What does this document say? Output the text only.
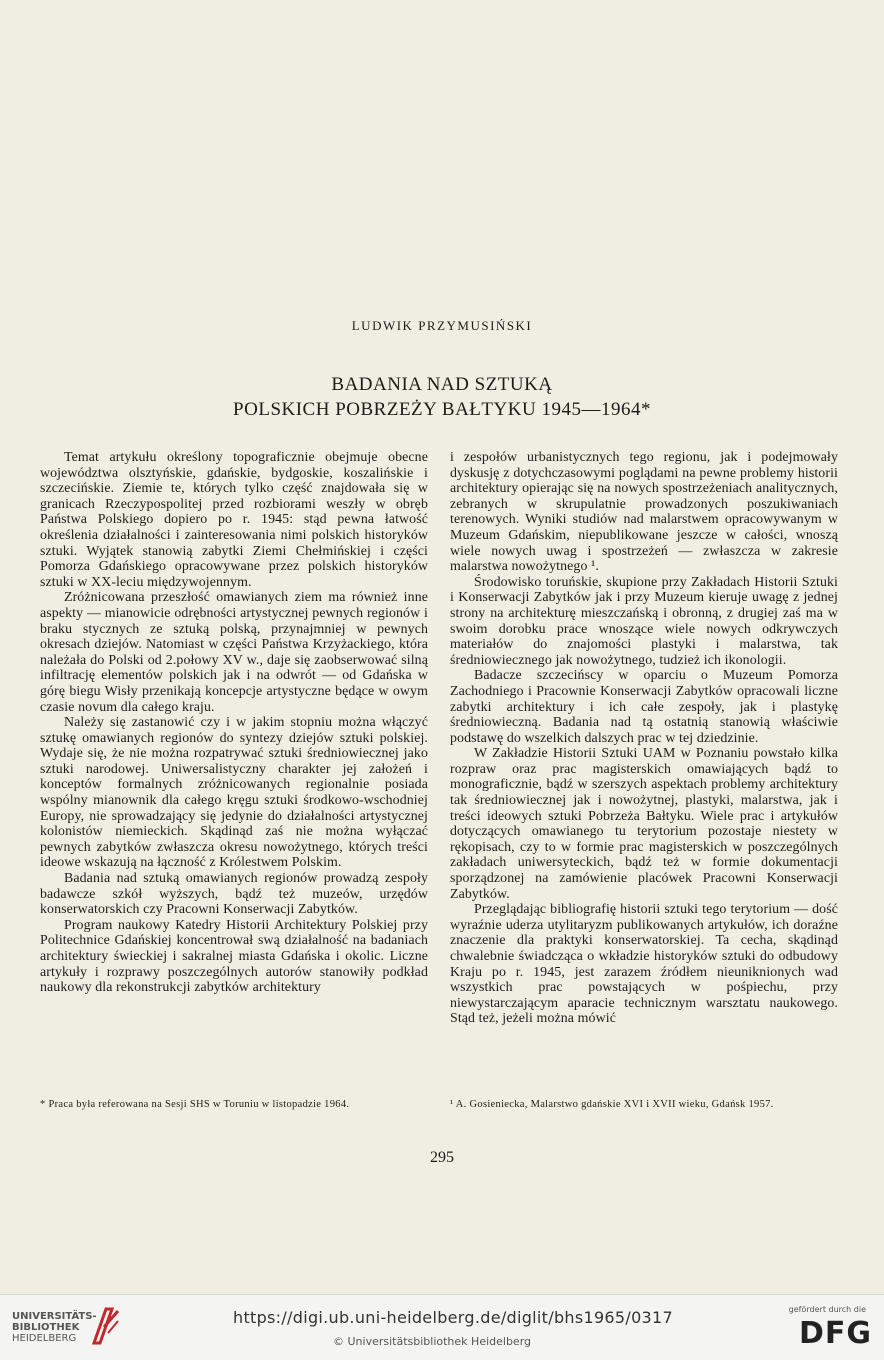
LUDWIK PRZYMUSIŃSKI
BADANIA NAD SZTUKĄ
POLSKICH POBRZEŻY BAŁTYKU 1945—1964*

Temat artykułu określony topograficznie obejmuje obecne województwa olsztyńskie, gdańskie, bydgoskie, koszalińskie i szczecińskie. Ziemie te, których tylko część znajdowała się w granicach Rzeczypospolitej przed rozbiorami weszły w obręb Państwa Polskiego dopiero po r. 1945: stąd pewna łatwość określenia działalności i zainteresowania nimi polskich historyków sztuki. Wyjątek stanowią zabytki Ziemi Chełmińskiej i części Pomorza Gdańskiego opracowywane przez polskich historyków sztuki w XX-leciu międzywojennym.

Zróżnicowana przeszłość omawianych ziem ma również inne aspekty — mianowicie odrębności artystycznej pewnych regionów i braku stycznych ze sztuką polską, przynajmniej w pewnych okresach dziejów. Natomiast w części Państwa Krzyżackiego, która należała do Polski od 2.połowy XV w., daje się zaobserwować silną infiltrację elementów polskich jak i na odwrót — od Gdańska w górę biegu Wisły przenikają koncepcje artystyczne będące w owym czasie novum dla całego kraju.

Należy się zastanowić czy i w jakim stopniu można włączyć sztukę omawianych regionów do syntezy dziejów sztuki polskiej. Wydaje się, że nie można rozpatrywać sztuki średniowiecznej jako sztuki narodowej. Uniwersalistyczny charakter jej założeń i konceptów formalnych zróżnicowanych regionalnie posiada wspólny mianownik dla całego kręgu sztuki środkowo-wschodniej Europy, nie sprowadzający się jedynie do działalności artystycznej kolonistów niemieckich. Skądinąd zaś nie można wyłączać pewnych zabytków zwłaszcza okresu nowożytnego, których treści ideowe wskazują na łączność z Królestwem Polskim.

Badania nad sztuką omawianych regionów prowadzą zespoły badawcze szkół wyższych, bądź też muzeów, urzędów konserwatorskich czy Pracowni Konserwacji Zabytków.

Program naukowy Katedry Historii Architektury Polskiej przy Politechnice Gdańskiej koncentrował swą działalność na badaniach architektury świeckiej i sakralnej miasta Gdańska i okolic. Liczne artykuły i rozprawy poszczególnych autorów stanowiły podkład naukowy dla rekonstrukcji zabytków architektury

i zespołów urbanistycznych tego regionu, jak i podejmowały dyskusję z dotychczasowymi poglądami na pewne problemy historii architektury opierając się na nowych spostrzeżeniach analitycznych, zebranych w skrupulatnie prowadzonych poszukiwaniach terenowych. Wyniki studiów nad malarstwem opracowywanym w Muzeum Gdańskim, niepublikowane jeszcze w całości, wnoszą wiele nowych uwag i spostrzeżeń — zwłaszcza w zakresie malarstwa nowożytnego ¹.

Środowisko toruńskie, skupione przy Zakładach Historii Sztuki i Konserwacji Zabytków jak i przy Muzeum kieruje uwagę z jednej strony na architekturę mieszczańską i obronną, z drugiej zaś ma w swoim dorobku prace wnoszące wiele nowych odkrywczych materiałów do znajomości plastyki i malarstwa, tak średniowiecznego jak nowożytnego, tudzież ich ikonologii.

Badacze szczecińscy w oparciu o Muzeum Pomorza Zachodniego i Pracownie Konserwacji Zabytków opracowali liczne zabytki architektury i ich całe zespoły, jak i plastykę średniowieczną. Badania nad tą ostatnią stanowią właściwie podstawę do wszelkich dalszych prac w tej dziedzinie.

W Zakładzie Historii Sztuki UAM w Poznaniu powstało kilka rozpraw oraz prac magisterskich omawiających bądź to monograficznie, bądź w szerszych aspektach problemy architektury tak średniowiecznej jak i nowożytnej, plastyki, malarstwa, jak i treści ideowych sztuki Pobrzeża Bałtyku. Wiele prac i artykułów dotyczących omawianego tu terytorium pozostaje niestety w rękopisach, czy to w formie prac magisterskich w poszczególnych zakładach uniwersyteckich, bądź też w formie dokumentacji sporządzonej na zamówienie placówek Pracowni Konserwacji Zabytków.

Przeglądając bibliografię historii sztuki tego terytorium — dość wyraźnie uderza utylitaryzm publikowanych artykułów, ich doraźne znaczenie dla praktyki konserwatorskiej. Ta cecha, skądinąd chwalebnie świadcząca o wkładzie historyków sztuki do odbudowy Kraju po r. 1945, jest zarazem źródłem nieuniknionych wad wszystkich prac powstających w pośpiechu, przy niewystarczającym aparacie technicznym warsztatu naukowego. Stąd też, jeżeli można mówić

* Praca była referowana na Sesji SHS w Toruniu w listopadzie 1964.	¹ A. Gosieniecka, Malarstwo gdańskie XVI i XVII wieku, Gdańsk 1957.
295
UNIVERSITÄTS-
BIBLIOTHEK
HEIDELBERG
https://digi.ub.uni-heidelberg.de/diglit/bhs1965/0317
© Universitätsbibliothek Heidelberg
gefördert durch die
DFG
